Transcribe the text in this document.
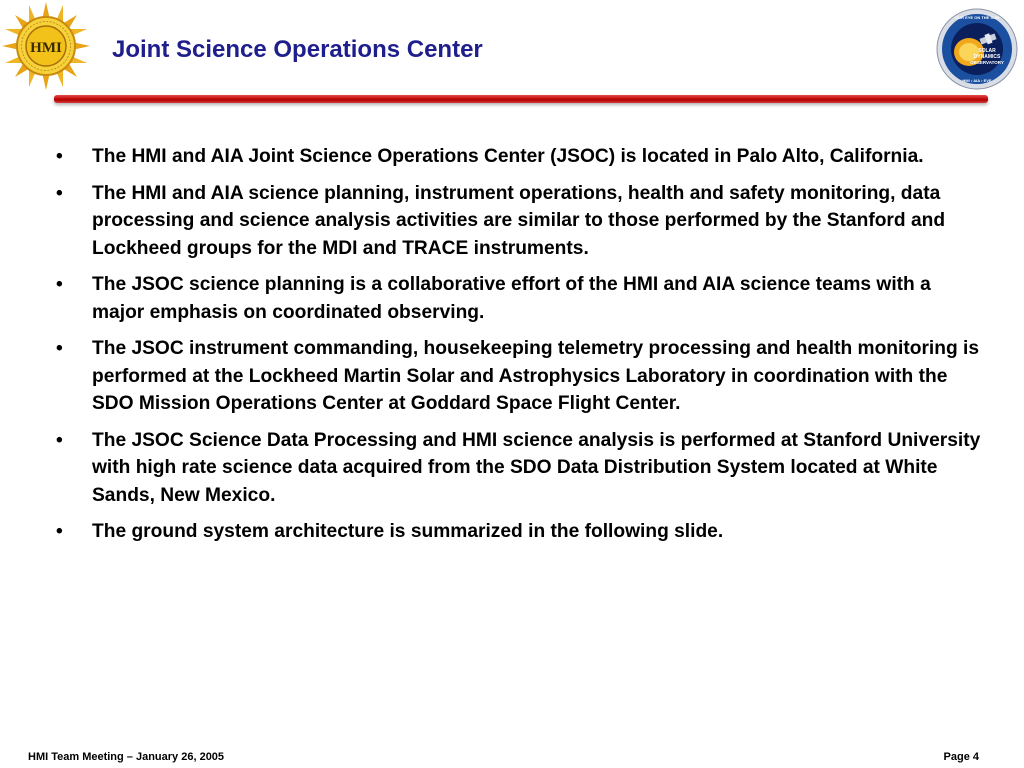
HMI Joint Science Operations Center	SOLAR
DYNAMICS
OBSERVATORY
OUR EYE ON THE SUN
HMI • AIA • EVE
• The HMI and AIA Joint Science Operations Center (JSOC) is located in Palo Alto, California.
• The HMI and AIA science planning, instrument operations, health and safety monitoring, data processing and science analysis activities are similar to those performed by the Stanford and Lockheed groups for the MDI and TRACE instruments.
• The JSOC science planning is a collaborative effort of the HMI and AIA science teams with a major emphasis on coordinated observing.
• The JSOC instrument commanding, housekeeping telemetry processing and health monitoring is performed at the Lockheed Martin Solar and Astrophysics Laboratory in coordination with the SDO Mission Operations Center at Goddard Space Flight Center.
• The JSOC Science Data Processing and HMI science analysis is performed at Stanford University with high rate science data acquired from the SDO Data Distribution System located at White Sands, New Mexico.
• The ground system architecture is summarized in the following slide.
HMI Team Meeting – January 26, 2005	Page 4
